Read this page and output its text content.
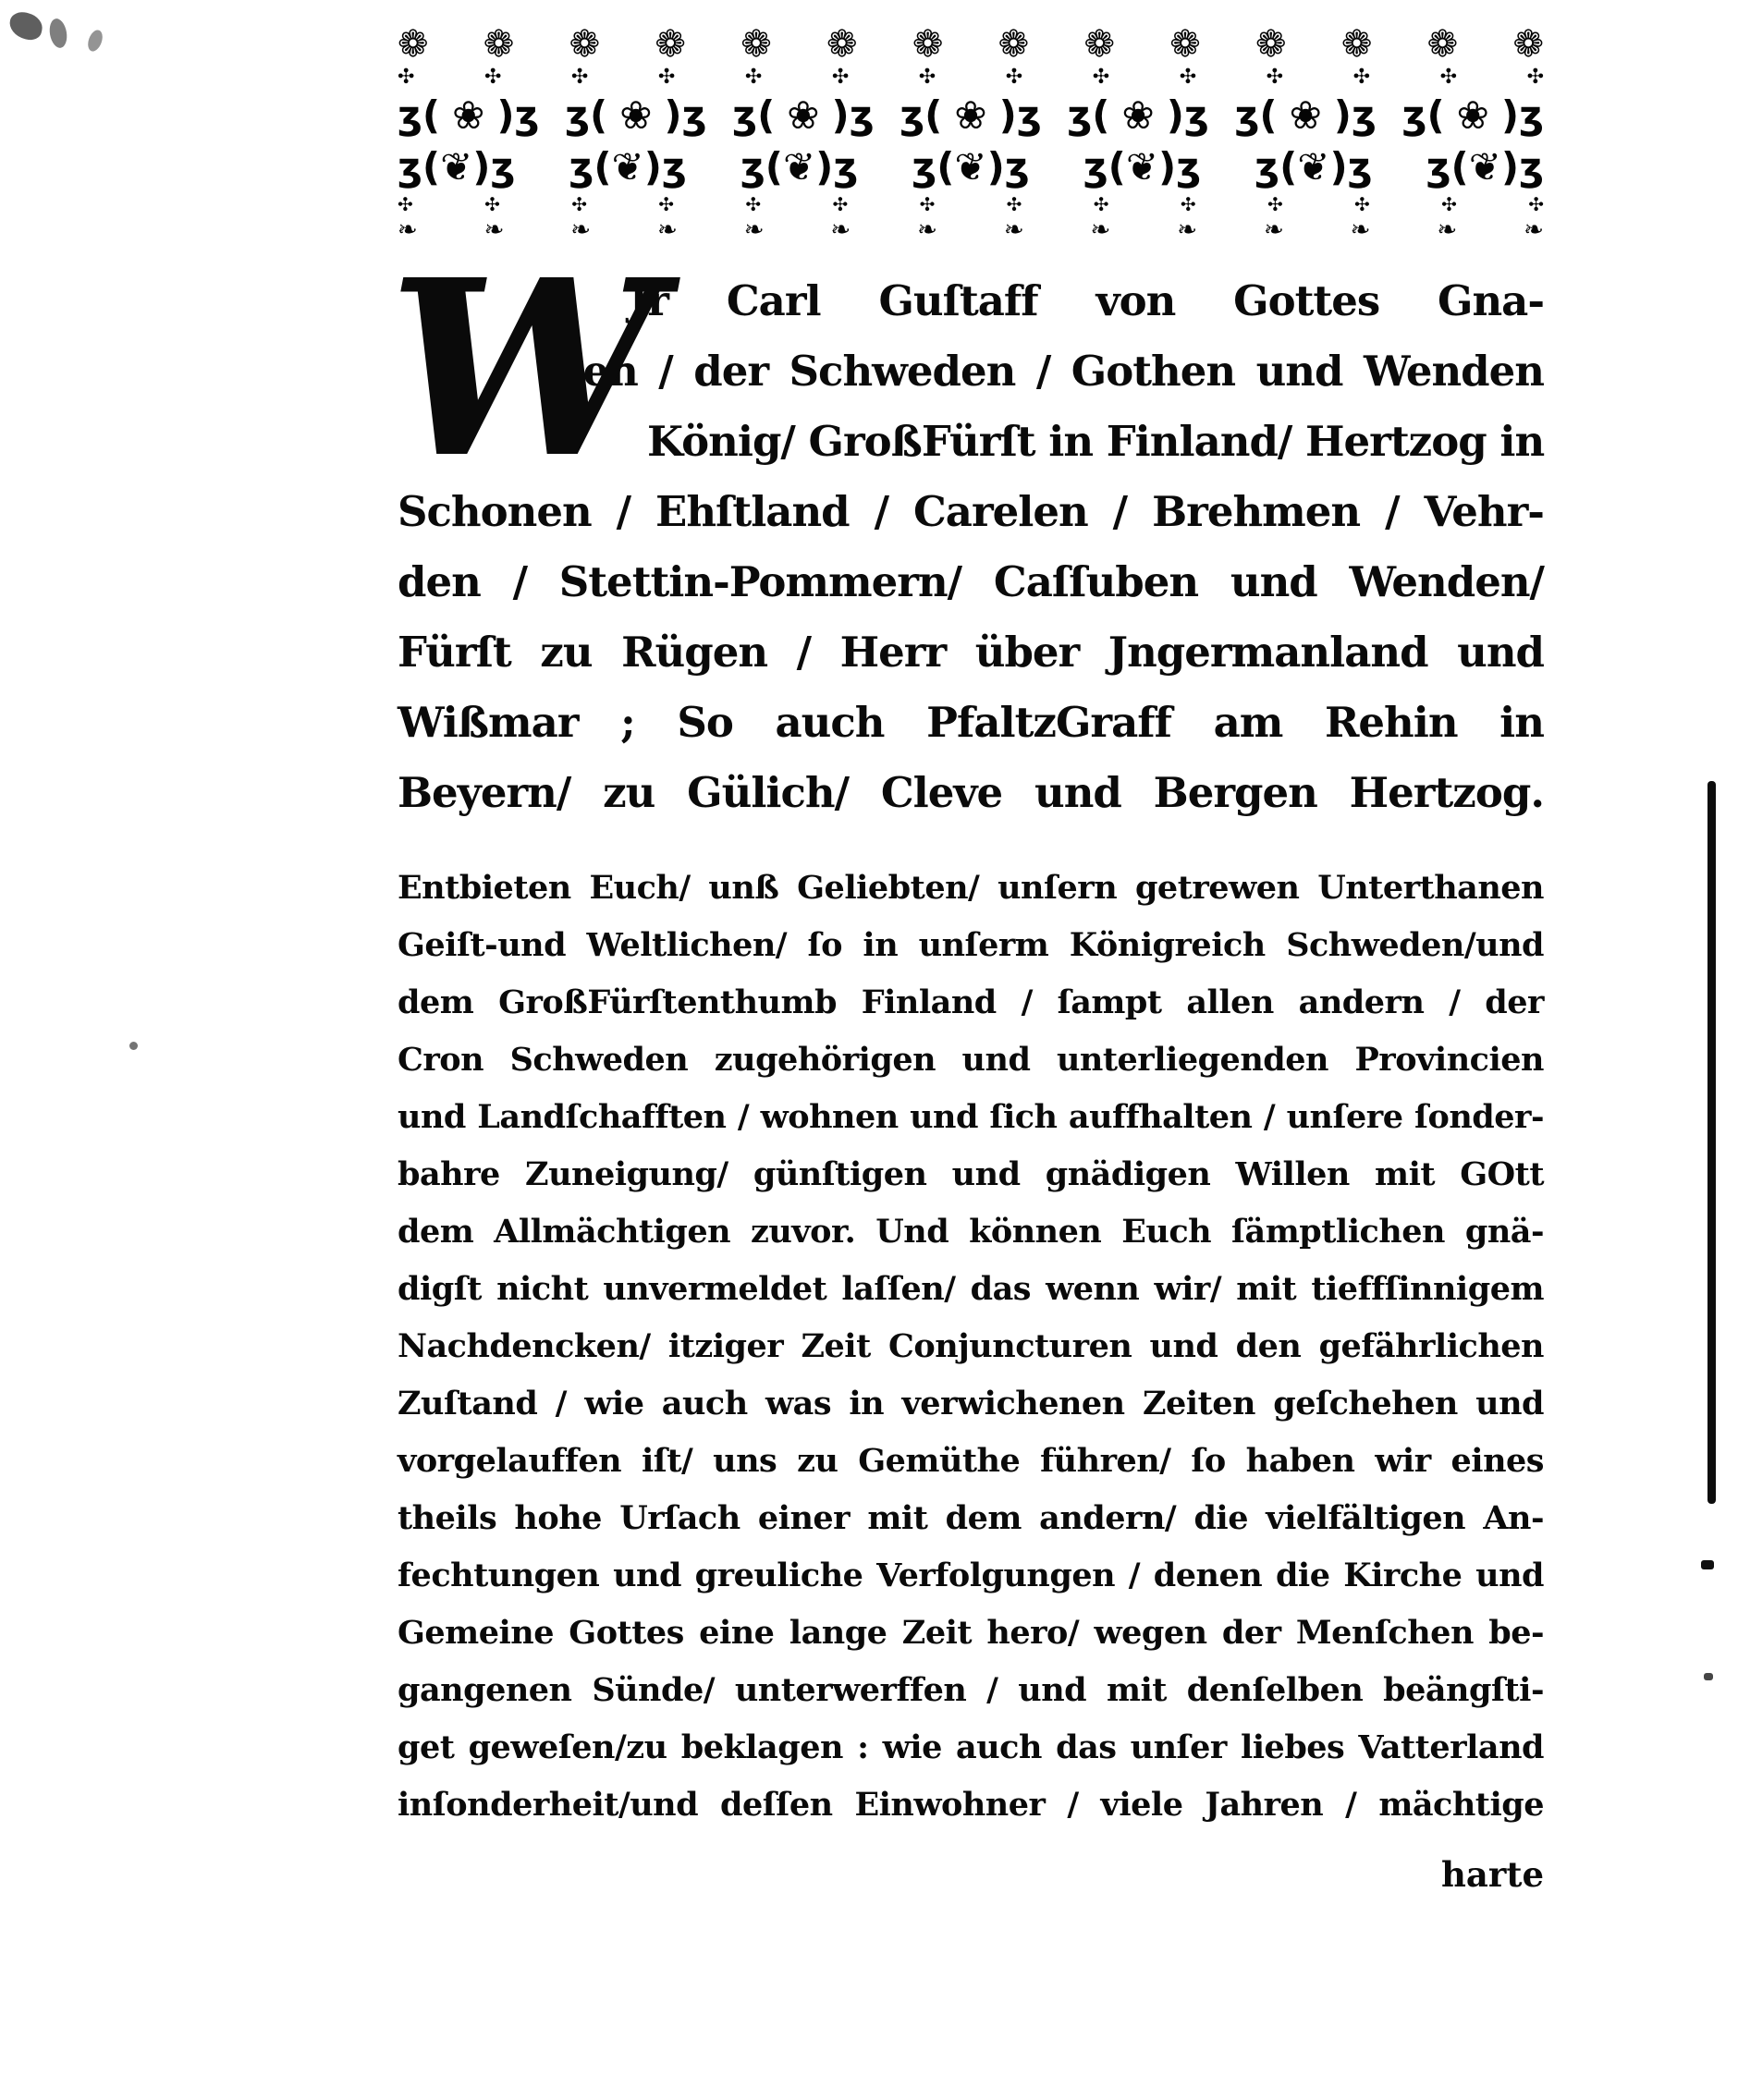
❁ ❁ ❁ ❁ ❁ ❁ ❁ ❁ ❁ ❁ ❁ ❁ ❁ ❁
✣ ✣ ✣ ✣ ✣ ✣ ✣ ✣ ✣ ✣ ✣ ✣ ✣ ✣
ʒ(❀)ʒ ʒ(❀)ʒ ʒ(❀)ʒ ʒ(❀)ʒ ʒ(❀)ʒ ʒ(❀)ʒ ʒ(❀)ʒ
ʒ(❦)ʒ ʒ(❦)ʒ ʒ(❦)ʒ ʒ(❦)ʒ ʒ(❦)ʒ ʒ(❦)ʒ ʒ(❦)ʒ
✣ ✣ ✣ ✣ ✣ ✣ ✣ ✣ ✣ ✣ ✣ ✣ ✣ ✣
❧ ❧ ❧ ❧ ❧ ❧ ❧ ❧ ❧ ❧ ❧ ❧ ❧ ❧
W
Jr Carl Guſtaff von Gottes Gna-
den / der Schweden / Gothen und Wenden
König/ GroßFürſt in Finland/ Hertzog in
Schonen / Ehſtland / Carelen / Brehmen / Vehr-
den / Stettin-Pommern/ Caſſuben und Wenden/
Fürſt zu Rügen / Herr über Jngermanland und
Wißmar ; So auch PfaltzGraff am Rehin in
Beyern/ zu Gülich/ Cleve und Bergen Hertzog.
Entbieten Euch/ unß Geliebten/ unſern getrewen Unterthanen
Geiſt-und Weltlichen/ ſo in unſerm Königreich Schweden/und
dem GroßFürſtenthumb Finland / ſampt allen andern / der
Cron Schweden zugehörigen und unterliegenden Provincien
und Landſchafften / wohnen und ſich auffhalten / unſere ſonder-
bahre Zuneigung/ günſtigen und gnädigen Willen mit GOtt
dem Allmächtigen zuvor. Und können Euch ſämptlichen gnä-
digſt nicht unvermeldet laſſen/ das wenn wir/ mit tieffſinnigem
Nachdencken/ itziger Zeit Conjuncturen und den gefährlichen
Zuſtand / wie auch was in verwichenen Zeiten geſchehen und
vorgelauffen iſt/ uns zu Gemüthe führen/ ſo haben wir eines
theils hohe Urſach einer mit dem andern/ die vielfältigen An-
fechtungen und greuliche Verfolgungen / denen die Kirche und
Gemeine Gottes eine lange Zeit hero/ wegen der Menſchen be-
gangenen Sünde/ unterwerffen / und mit denſelben beängſti-
get geweſen/zu beklagen : wie auch das unſer liebes Vatterland
inſonderheit/und deſſen Einwohner / viele Jahren / mächtige
harte
